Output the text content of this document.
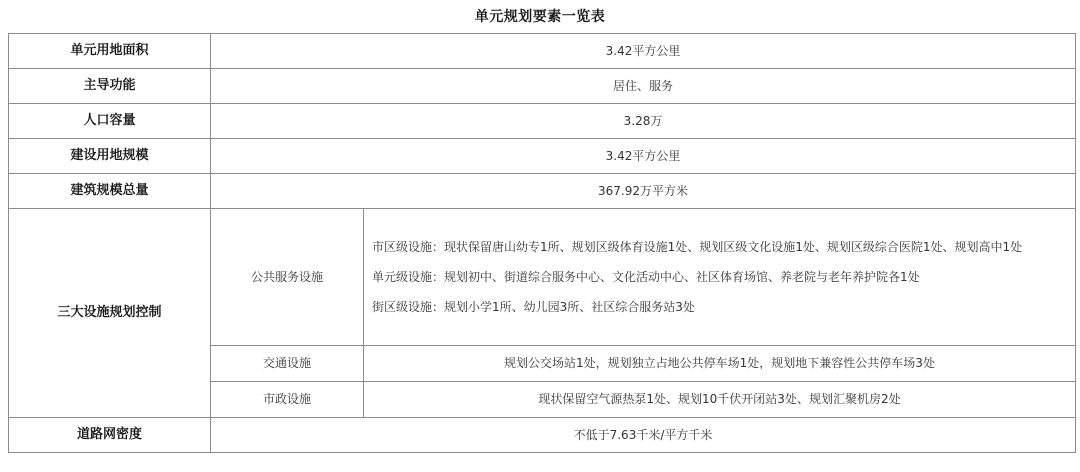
单元规划要素一览表
单元用地面积	3.42平方公里	
主导功能	居住、服务	
人口容量	3.28万	
建设用地规模	3.42平方公里	
建筑规模总量	367.92万平方米	
三大设施规划控制	公共服务设施	市区级设施：现状保留唐山幼专1所、规划区级体育设施1处、规划区级文化设施1处、规划区级综合医院1处、规划高中1处

单元级设施：规划初中、街道综合服务中心、文化活动中心、社区体育场馆、养老院与老年养护院各1处

街区级设施：规划小学1所、幼儿园3所、社区综合服务站3处

	交通设施	规划公交场站1处，规划独立占地公共停车场1处，规划地下兼容性公共停车场3处
	市政设施	现状保留空气源热泵1处、规划10千伏开闭站3处、规划汇聚机房2处
道路网密度	不低于7.63千米/平方千米	
